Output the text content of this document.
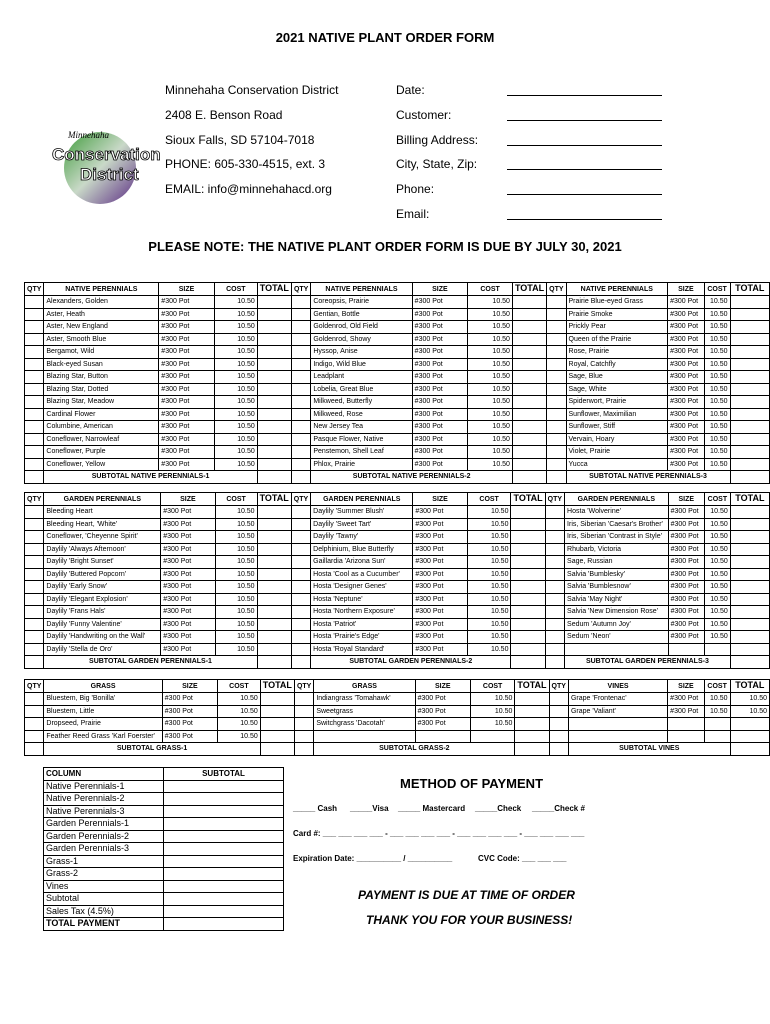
2021 NATIVE PLANT ORDER FORM
Minnehaha
Conservation
District
Minnehaha Conservation District
2408 E. Benson Road
Sioux Falls, SD 57104-7018
PHONE: 605-330-4515, ext. 3
EMAIL: info@minnehahacd.org
Date:
Customer:
Billing Address:
City, State, Zip:
Phone:
Email:
PLEASE NOTE: THE NATIVE PLANT ORDER FORM IS DUE BY JULY 30, 2021
QTY	NATIVE PERENNIALS	SIZE	COST	TOTAL	QTY	NATIVE PERENNIALS	SIZE	COST	TOTAL	QTY	NATIVE PERENNIALS	SIZE	COST	TOTAL
	Alexanders, Golden	#300 Pot	10.50			Coreopsis, Prairie	#300 Pot	10.50			Prairie Blue-eyed Grass	#300 Pot	10.50	
	Aster, Heath	#300 Pot	10.50			Gentian, Bottle	#300 Pot	10.50			Prairie Smoke	#300 Pot	10.50	
	Aster, New England	#300 Pot	10.50			Goldenrod, Old Field	#300 Pot	10.50			Prickly Pear	#300 Pot	10.50	
	Aster, Smooth Blue	#300 Pot	10.50			Goldenrod, Showy	#300 Pot	10.50			Queen of the Prairie	#300 Pot	10.50	
	Bergamot, Wild	#300 Pot	10.50			Hyssop, Anise	#300 Pot	10.50			Rose, Prairie	#300 Pot	10.50	
	Black-eyed Susan	#300 Pot	10.50			Indigo, Wild Blue	#300 Pot	10.50			Royal, Catchfly	#300 Pot	10.50	
	Blazing Star, Button	#300 Pot	10.50			Leadplant	#300 Pot	10.50			Sage, Blue	#300 Pot	10.50	
	Blazing Star, Dotted	#300 Pot	10.50			Lobelia, Great Blue	#300 Pot	10.50			Sage, White	#300 Pot	10.50	
	Blazing Star, Meadow	#300 Pot	10.50			Milkweed, Butterfly	#300 Pot	10.50			Spiderwort, Prairie	#300 Pot	10.50	
	Cardinal Flower	#300 Pot	10.50			Milkweed, Rose	#300 Pot	10.50			Sunflower, Maximilian	#300 Pot	10.50	
	Columbine, American	#300 Pot	10.50			New Jersey Tea	#300 Pot	10.50			Sunflower, Stiff	#300 Pot	10.50	
	Coneflower, Narrowleaf	#300 Pot	10.50			Pasque Flower, Native	#300 Pot	10.50			Vervain, Hoary	#300 Pot	10.50	
	Coneflower, Purple	#300 Pot	10.50			Penstemon, Shell Leaf	#300 Pot	10.50			Violet, Prairie	#300 Pot	10.50	
	Coneflower, Yellow	#300 Pot	10.50			Phlox, Prairie	#300 Pot	10.50			Yucca	#300 Pot	10.50	
	SUBTOTAL NATIVE PERENNIALS-1					SUBTOTAL NATIVE PERENNIALS-2					SUBTOTAL NATIVE PERENNIALS-3			
QTY	GARDEN PERENNIALS	SIZE	COST	TOTAL	QTY	GARDEN PERENNIALS	SIZE	COST	TOTAL	QTY	GARDEN PERENNIALS	SIZE	COST	TOTAL
	Bleeding Heart	#300 Pot	10.50			Daylily 'Summer Blush'	#300 Pot	10.50			Hosta 'Wolverine'	#300 Pot	10.50	
	Bleeding Heart, 'White'	#300 Pot	10.50			Daylily 'Sweet Tart'	#300 Pot	10.50			Iris, Siberian 'Caesar's Brother'	#300 Pot	10.50	
	Coneflower, 'Cheyenne Spirit'	#300 Pot	10.50			Daylily 'Tawny'	#300 Pot	10.50			Iris, Siberian 'Contrast in Style'	#300 Pot	10.50	
	Daylily 'Always Afternoon'	#300 Pot	10.50			Delphinium, Blue Butterfly	#300 Pot	10.50			Rhubarb, Victoria	#300 Pot	10.50	
	Daylily 'Bright Sunset'	#300 Pot	10.50			Gaillardia 'Arizona Sun'	#300 Pot	10.50			Sage, Russian	#300 Pot	10.50	
	Daylily 'Buttered Popcorn'	#300 Pot	10.50			Hosta 'Cool as a Cucumber'	#300 Pot	10.50			Salvia 'Bumblesky'	#300 Pot	10.50	
	Daylily 'Early Snow'	#300 Pot	10.50			Hosta 'Designer Genes'	#300 Pot	10.50			Salvia 'Bumblesnow'	#300 Pot	10.50	
	Daylily 'Elegant Explosion'	#300 Pot	10.50			Hosta 'Neptune'	#300 Pot	10.50			Salvia 'May Night'	#300 Pot	10.50	
	Daylily 'Frans Hals'	#300 Pot	10.50			Hosta 'Northern Exposure'	#300 Pot	10.50			Salvia 'New Dimension Rose'	#300 Pot	10.50	
	Daylily 'Funny Valentine'	#300 Pot	10.50			Hosta 'Patriot'	#300 Pot	10.50			Sedum 'Autumn Joy'	#300 Pot	10.50	
	Daylily 'Handwriting on the Wall'	#300 Pot	10.50			Hosta 'Prairie's Edge'	#300 Pot	10.50			Sedum 'Neon'	#300 Pot	10.50	
	Daylily 'Stella de Oro'	#300 Pot	10.50			Hosta 'Royal Standard'	#300 Pot	10.50						
	SUBTOTAL GARDEN PERENNIALS-1					SUBTOTAL GARDEN PERENNIALS-2					SUBTOTAL GARDEN PERENNIALS-3			
QTY	GRASS	SIZE	COST	TOTAL	QTY	GRASS	SIZE	COST	TOTAL	QTY	VINES	SIZE	COST	TOTAL
	Bluestem, Big 'Bonilla'	#300 Pot	10.50			Indiangrass 'Tomahawk'	#300 Pot	10.50			Grape 'Frontenac'	#300 Pot	10.50	10.50
	Bluestem, Little	#300 Pot	10.50			Sweetgrass	#300 Pot	10.50			Grape 'Valiant'	#300 Pot	10.50	10.50
	Dropseed, Prairie	#300 Pot	10.50			Switchgrass 'Dacotah'	#300 Pot	10.50						
	Feather Reed Grass 'Karl Foerster'	#300 Pot	10.50											
	SUBTOTAL GRASS-1					SUBTOTAL GRASS-2					SUBTOTAL VINES			
COLUMN	SUBTOTAL
Native Perennials-1	
Native Perennials-2	
Native Perennials-3	
Garden Perennials-1	
Garden Perennials-2	
Garden Perennials-3	
Grass-1	
Grass-2	
Vines	
Subtotal	
Sales Tax (4.5%)	
TOTAL PAYMENT	
METHOD OF PAYMENT
_____ Cash _____Visa _____ Mastercard _____Check _____Check #
Card #: ___ ___ ___ ___ - ___ ___ ___ ___ - ___ ___ ___ ___ - ___ ___ ___ ___
Expiration Date: __________ / __________	CVC Code: ___ ___ ___
PAYMENT IS DUE AT TIME OF ORDER
THANK YOU FOR YOUR BUSINESS!
